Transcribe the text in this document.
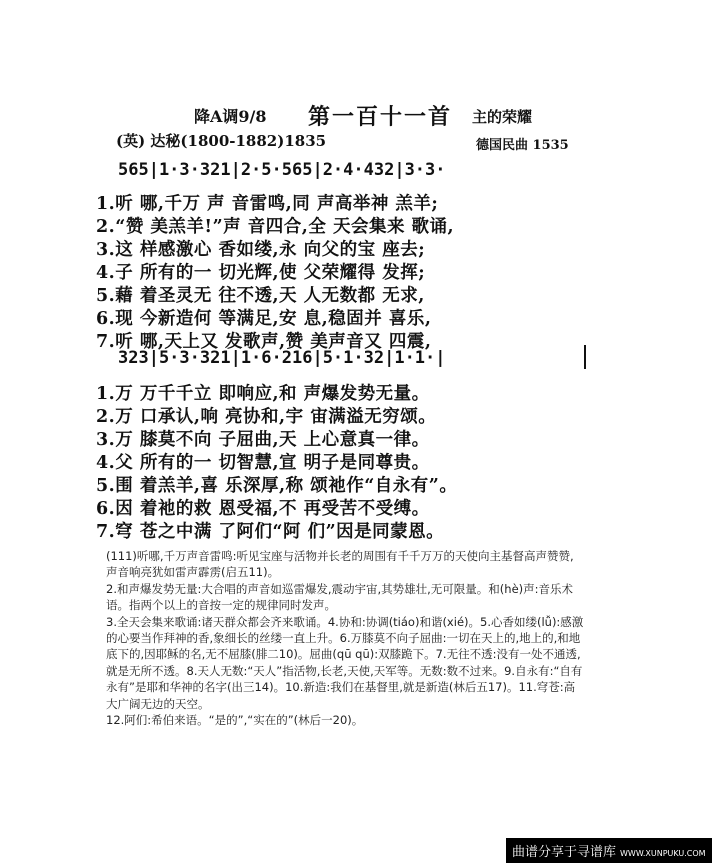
降A调9/8 第一百十一首 主的荣耀
(英) 达秘(1800-1882)1835	德国民曲 1535
565|1·3·321|2·5·565|2·4·432|3·3·
1.听 哪,千万 声 音雷鸣,同 声高举神 羔羊;
2.“赞 美羔羊!”声 音四合,全 天会集来 歌诵,
3.这 样感激心 香如缕,永 向父的宝 座去;
4.子 所有的一 切光辉,使 父荣耀得 发挥;
5.藉 着圣灵无 往不透,天 人无数都 无求,
6.现 今新造何 等满足,安 息,稳固并 喜乐,
7.听 哪,天上又 发歌声,赞 美声音又 四震,
323|5·3·321|1·6·216|5·1·32|1·1·|
1.万 万千千立 即响应,和 声爆发势无量。
2.万 口承认,响 亮协和,宇 宙满溢无穷颂。
3.万 膝莫不向 子屈曲,天 上心意真一律。
4.父 所有的一 切智慧,宣 明子是同尊贵。
5.围 着羔羊,喜 乐深厚,称 颂祂作“自永有”。
6.因 着祂的救 恩受福,不 再受苦不受缚。
7.穹 苍之中满 了阿们“阿 们”因是同蒙恩。

(111)听哪,千万声音雷鸣:听见宝座与活物并长老的周围有千千万万的天使向主基督高声赞赞,声音响亮犹如雷声霹雳(启五11)。

2.和声爆发势无量:大合唱的声音如巡雷爆发,震动宇宙,其势雄壮,无可限量。和(hè)声:音乐术语。指两个以上的音按一定的规律同时发声。

3.全天会集来歌诵:诸天群众都会齐来歌诵。4.协和:协调(tiáo)和谐(xié)。5.心香如缕(lǚ):感激的心要当作拜神的香,象细长的丝缕一直上升。6.万膝莫不向子屈曲:一切在天上的,地上的,和地底下的,因耶稣的名,无不屈膝(腓二10)。屈曲(qū qū):双膝跪下。7.无往不透:没有一处不通透,就是无所不透。8.天人无数:“天人”指活物,长老,天使,天军等。无数:数不过来。9.自永有:“自有永有”是耶和华神的名字(出三14)。10.新造:我们在基督里,就是新造(林后五17)。11.穹苍:高大广阔无边的天空。

12.阿们:希伯来语。“是的”,“实在的”(林后一20)。

曲谱分享于寻谱库 WWW.XUNPUKU.COM
